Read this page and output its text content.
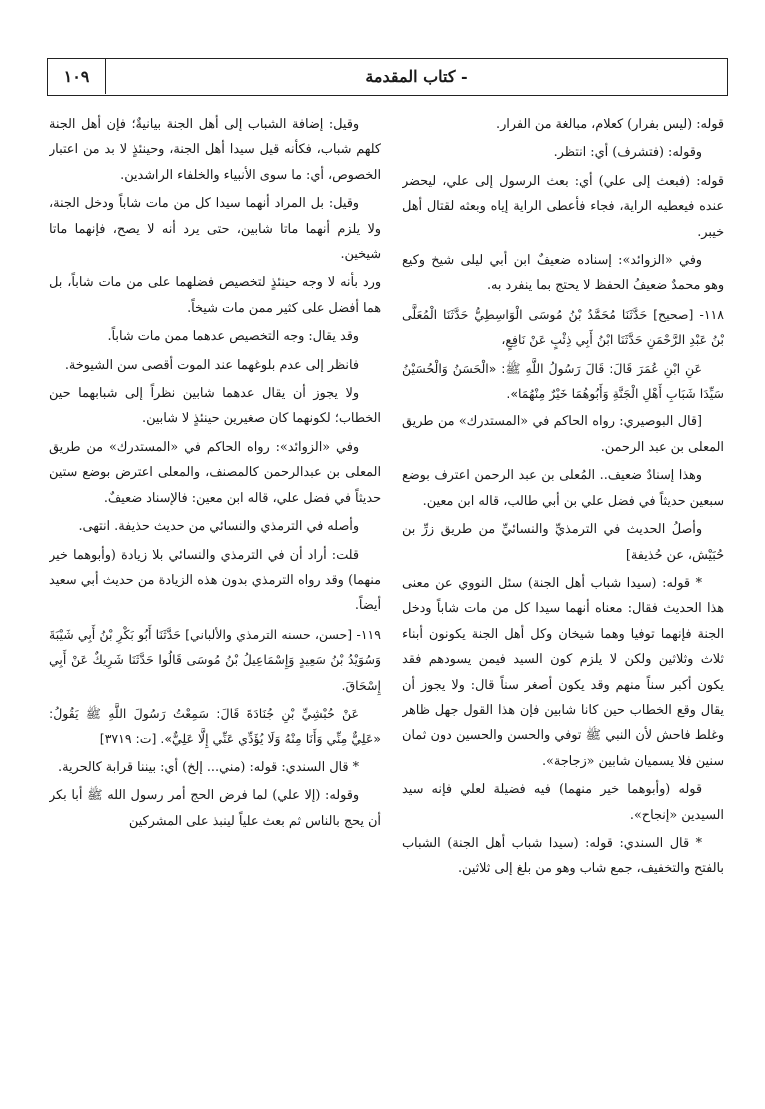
- كتاب المقدمة
١٠٩

قوله: (ليس بفرار) كعلام، مبالغة من الفرار.

وقوله: (فتشرف) أي: انتظر.

قوله: (فبعث إلى علي) أي: بعث الرسول إلى علي، ليحضر عنده فيعطيه الراية، فجاء فأعطى الراية إياه وبعثه لقتال أهل خيبر.

وفي «الزوائد»: إسناده ضعيفٌ ابن أبي ليلى شيخ وكيع وهو محمدٌ ضعيفُ الحفظ لا يحتج بما ينفرد به.

١١٨- [صحيح] حَدَّثَنَا مُحَمَّدُ بْنُ مُوسَى الْوَاسِطِيُّ حَدَّثَنَا الْمُعَلَّى بْنُ عَبْدِ الرَّحْمَنِ حَدَّثَنَا ابْنُ أَبِي ذِئْبٍ عَنْ نَافِعٍ،

عَنِ ابْنِ عُمَرَ قَالَ: قَالَ رَسُولُ اللَّهِ ﷺ: «الْحَسَنُ وَالْحُسَيْنُ سَيِّدَا شَبَابِ أَهْلِ الْجَنَّةِ وَأَبُوهُمَا خَيْرٌ مِنْهُمَا».

[قال البوصيري: رواه الحاكم في «المستدرك» من طريق المعلى بن عبد الرحمن.

وهذا إسنادٌ ضعيف.. المُعلى بن عبد الرحمن اعترف بوضع سبعين حديثاً في فضل علي بن أبي طالب، قاله ابن معين.

وأصلُ الحديث في الترمذيِّ والنسائيِّ من طريق زرِّ بن حُبَيْش، عن حُذيفة]

* قوله: (سيدا شباب أهل الجنة) سئل النووي عن معنى هذا الحديث فقال: معناه أنهما سيدا كل من مات شاباً ودخل الجنة فإنهما توفيا وهما شيخان وكل أهل الجنة يكونون أبناء ثلاث وثلاثين ولكن لا يلزم كون السيد فيمن يسودهم فقد يكون أكبر سناً منهم وقد يكون أصغر سناً قال: ولا يجوز أن يقال وقع الخطاب حين كانا شابين فإن هذا القول جهل ظاهر وغلط فاحش لأن النبي ﷺ توفي والحسن والحسين دون ثمان سنين فلا يسميان شابين «زجاجة».

قوله (وأبوهما خير منهما) فيه فضيلة لعلي فإنه سيد السيدين «إنجاح».

* قال السندي: قوله: (سيدا شباب أهل الجنة) الشباب بالفتح والتخفيف، جمع شاب وهو من بلغ إلى ثلاثين.

وقيل: إضافة الشباب إلى أهل الجنة بيانيةٌ؛ فإن أهل الجنة كلهم شباب، فكأنه قيل سيدا أهل الجنة، وحينئذٍ لا بد من اعتبار الخصوص، أي: ما سوى الأنبياء والخلفاء الراشدين.

وقيل: بل المراد أنهما سيدا كل من مات شاباً ودخل الجنة، ولا يلزم أنهما ماتا شابين، حتى يرد أنه لا يصح، فإنهما ماتا شيخين.

ورد بأنه لا وجه حينئذٍ لتخصيص فضلهما على من مات شاباً، بل هما أفضل على كثير ممن مات شيخاً.

وقد يقال: وجه التخصيص عدهما ممن مات شاباً.

فانظر إلى عدم بلوغهما عند الموت أقصى سن الشيوخة.

ولا يجوز أن يقال عدهما شابين نظراً إلى شبابهما حين الخطاب؛ لكونهما كان صغيرين حينئذٍ لا شابين.

وفي «الزوائد»: رواه الحاكم في «المستدرك» من طريق المعلى بن عبدالرحمن كالمصنف، والمعلى اعترض بوضع ستين حديثاً في فضل علي، قاله ابن معين: فالإسناد ضعيفٌ.

وأصله في الترمذي والنسائي من حديث حذيفة. انتهى.

قلت: أراد أن في الترمذي والنسائي بلا زيادة (وأبوهما خير منهما) وقد رواه الترمذي بدون هذه الزيادة من حديث أبي سعيد أيضاً.

١١٩- [حسن، حسنه الترمذي والألباني] حَدَّثَنَا أَبُو بَكْرِ بْنُ أَبِي شَيْبَةَ وَسُوَيْدُ بْنُ سَعِيدٍ وَإِسْمَاعِيلُ بْنُ مُوسَى قَالُوا حَدَّثَنَا شَرِيكٌ عَنْ أَبِي إِسْحَاقَ.

عَنْ حُبْشِيِّ بْنِ جُنَادَةَ قَالَ: سَمِعْتُ رَسُولَ اللَّهِ ﷺ يَقُولُ: «عَلِيٌّ مِنِّي وَأَنَا مِنْهُ وَلَا يُؤَدِّي عَنِّي إِلَّا عَلِيٌّ». [ت: ٣٧١٩]

* قال السندي: قوله: (مني... إلخ) أي: بيننا قرابة كالحرية.

وقوله: (إلا علي) لما فرض الحج أمر رسول الله ﷺ أبا بكر أن يحج بالناس ثم بعث علياً لينبذ على المشركين
